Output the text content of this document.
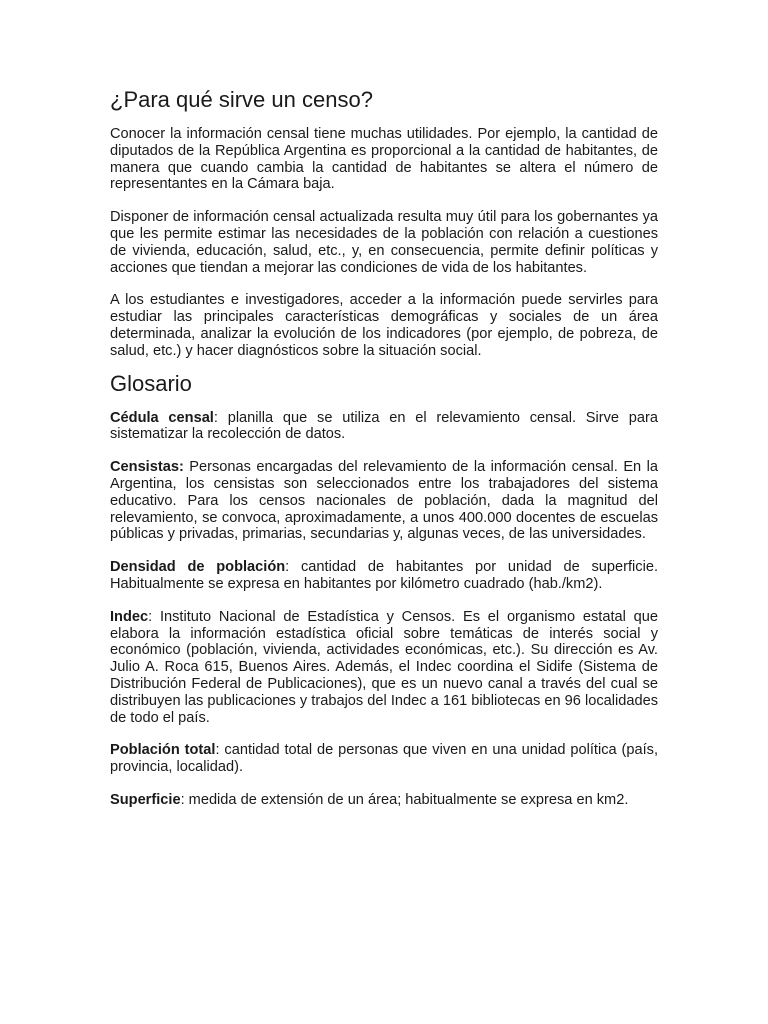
¿Para qué sirve un censo?

Conocer la información censal tiene muchas utilidades. Por ejemplo, la cantidad de diputados de la República Argentina es proporcional a la cantidad de habitantes, de manera que cuando cambia la cantidad de habitantes se altera el número de representantes en la Cámara baja.

Disponer de información censal actualizada resulta muy útil para los gobernantes ya que les permite estimar las necesidades de la población con relación a cuestiones de vivienda, educación, salud, etc., y, en consecuencia, permite definir políticas y acciones que tiendan a mejorar las condiciones de vida de los habitantes.

A los estudiantes e investigadores, acceder a la información puede servirles para estudiar las principales características demográficas y sociales de un área determinada, analizar la evolución de los indicadores (por ejemplo, de pobreza, de salud, etc.) y hacer diagnósticos sobre la situación social.

Glosario

Cédula censal: planilla que se utiliza en el relevamiento censal. Sirve para sistematizar la recolección de datos.

Censistas: Personas encargadas del relevamiento de la información censal. En la Argentina, los censistas son seleccionados entre los trabajadores del sistema educativo. Para los censos nacionales de población, dada la magnitud del relevamiento, se convoca, aproximadamente, a unos 400.000 docentes de escuelas públicas y privadas, primarias, secundarias y, algunas veces, de las universidades.

Densidad de población: cantidad de habitantes por unidad de superficie. Habitualmente se expresa en habitantes por kilómetro cuadrado (hab./km2).

Indec: Instituto Nacional de Estadística y Censos. Es el organismo estatal que elabora la información estadística oficial sobre temáticas de interés social y económico (población, vivienda, actividades económicas, etc.). Su dirección es Av. Julio A. Roca 615, Buenos Aires. Además, el Indec coordina el Sidife (Sistema de Distribución Federal de Publicaciones), que es un nuevo canal a través del cual se distribuyen las publicaciones y trabajos del Indec a 161 bibliotecas en 96 localidades de todo el país.

Población total: cantidad total de personas que viven en una unidad política (país, provincia, localidad).

Superficie: medida de extensión de un área; habitualmente se expresa en km2.
